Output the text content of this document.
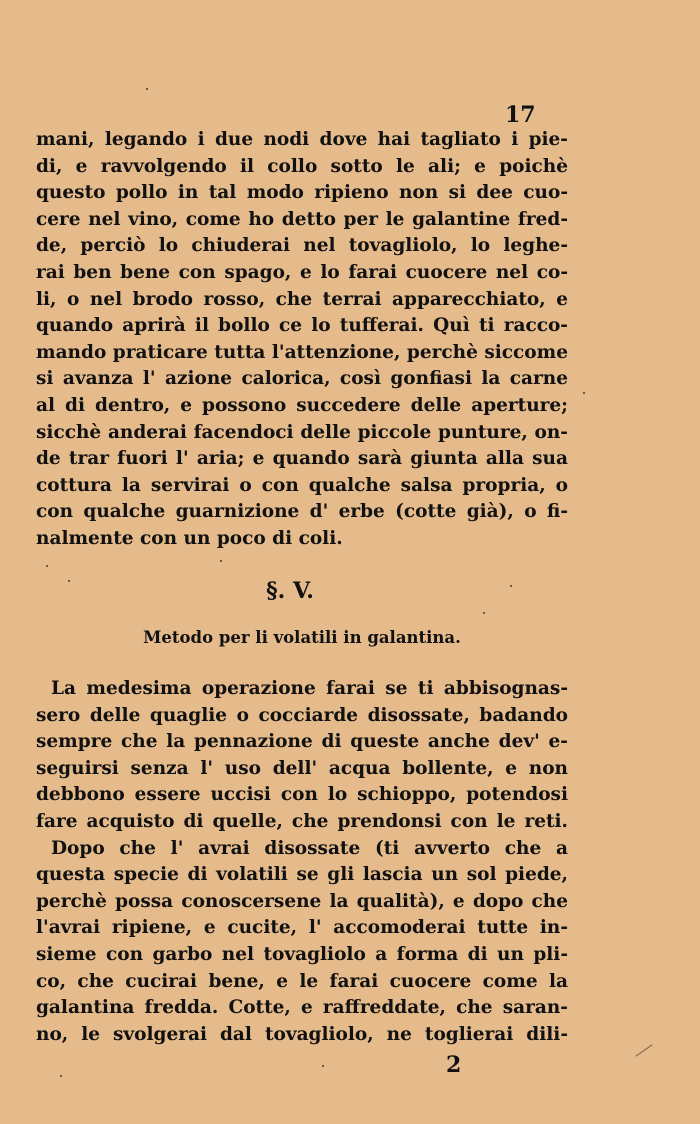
17
mani, legando i due nodi dove hai tagliato i pie-
di, e ravvolgendo il collo sotto le ali; e poichè
questo pollo in tal modo ripieno non si dee cuo-
cere nel vino, come ho detto per le galantine fred-
de, perciò lo chiuderai nel tovagliolo, lo leghe-
rai ben bene con spago, e lo farai cuocere nel co-
li, o nel brodo rosso, che terrai apparecchiato, e
quando aprirà il bollo ce lo tufferai. Quì ti racco-
mando praticare tutta l'attenzione, perchè siccome
si avanza l' azione calorica, così gonfiasi la carne
al di dentro, e possono succedere delle aperture;
sicchè anderai facendoci delle piccole punture, on-
de trar fuori l' aria; e quando sarà giunta alla sua
cottura la servirai o con qualche salsa propria, o
con qualche guarnizione d' erbe (cotte già), o fi-
nalmente con un poco di coli.
§. V.
Metodo per li volatili in galantina.
La medesima operazione farai se ti abbisognas-
sero delle quaglie o cocciarde disossate, badando
sempre che la pennazione di queste anche dev' e-
seguirsi senza l' uso dell' acqua bollente, e non
debbono essere uccisi con lo schioppo, potendosi
fare acquisto di quelle, che prendonsi con le reti.
Dopo che l' avrai disossate (ti avverto che a
questa specie di volatili se gli lascia un sol piede,
perchè possa conoscersene la qualità), e dopo che
l'avrai ripiene, e cucite, l' accomoderai tutte in-
sieme con garbo nel tovagliolo a forma di un pli-
co, che cucirai bene, e le farai cuocere come la
galantina fredda. Cotte, e raffreddate, che saran-
no, le svolgerai dal tovagliolo, ne toglierai dili-
2
